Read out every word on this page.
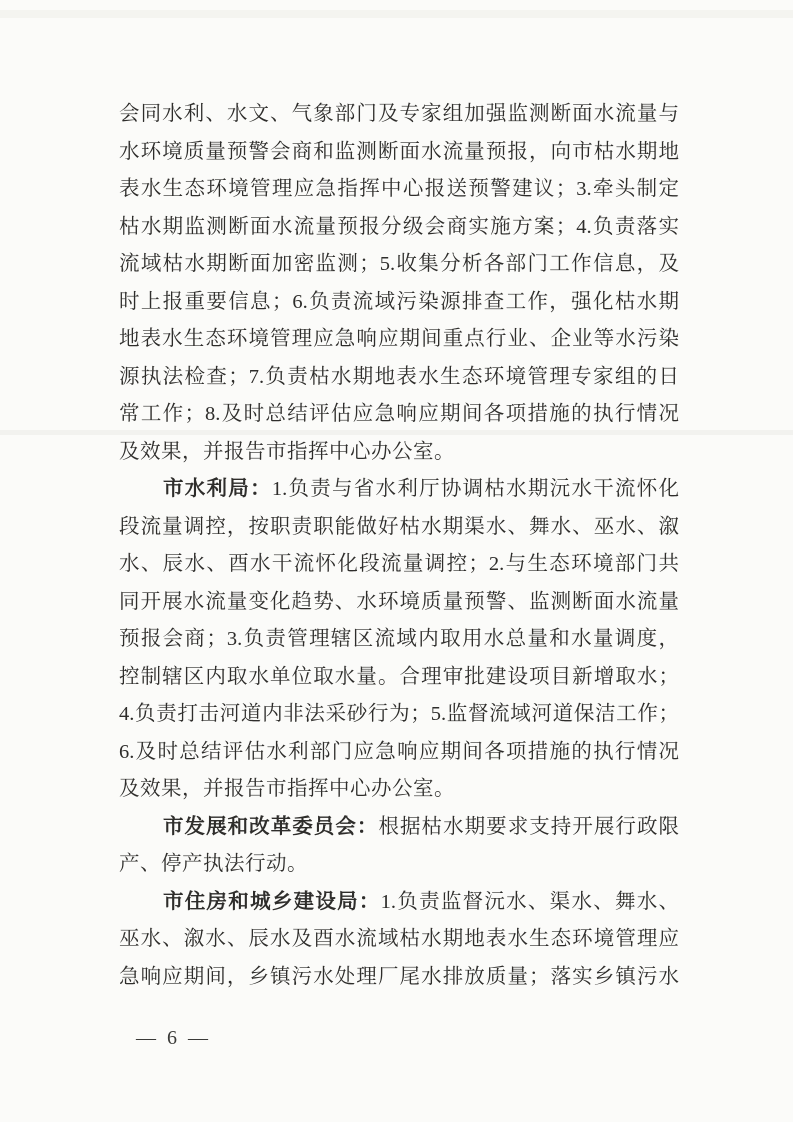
会同水利、水文、气象部门及专家组加强监测断面水流量与
水环境质量预警会商和监测断面水流量预报，向市枯水期地
表水生态环境管理应急指挥中心报送预警建议；3.牵头制定
枯水期监测断面水流量预报分级会商实施方案；4.负责落实
流域枯水期断面加密监测；5.收集分析各部门工作信息，及
时上报重要信息；6.负责流域污染源排查工作，强化枯水期
地表水生态环境管理应急响应期间重点行业、企业等水污染
源执法检查；7.负责枯水期地表水生态环境管理专家组的日
常工作；8.及时总结评估应急响应期间各项措施的执行情况
及效果，并报告市指挥中心办公室。
市水利局：1.负责与省水利厅协调枯水期沅水干流怀化
段流量调控，按职责职能做好枯水期渠水、舞水、巫水、溆
水、辰水、酉水干流怀化段流量调控；2.与生态环境部门共
同开展水流量变化趋势、水环境质量预警、监测断面水流量
预报会商；3.负责管理辖区流域内取用水总量和水量调度，
控制辖区内取水单位取水量。合理审批建设项目新增取水；
4.负责打击河道内非法采砂行为；5.监督流域河道保洁工作；
6.及时总结评估水利部门应急响应期间各项措施的执行情况
及效果，并报告市指挥中心办公室。
市发展和改革委员会：根据枯水期要求支持开展行政限
产、停产执法行动。
市住房和城乡建设局：1.负责监督沅水、渠水、舞水、
巫水、溆水、辰水及酉水流域枯水期地表水生态环境管理应
急响应期间，乡镇污水处理厂尾水排放质量；落实乡镇污水
— 6 —
